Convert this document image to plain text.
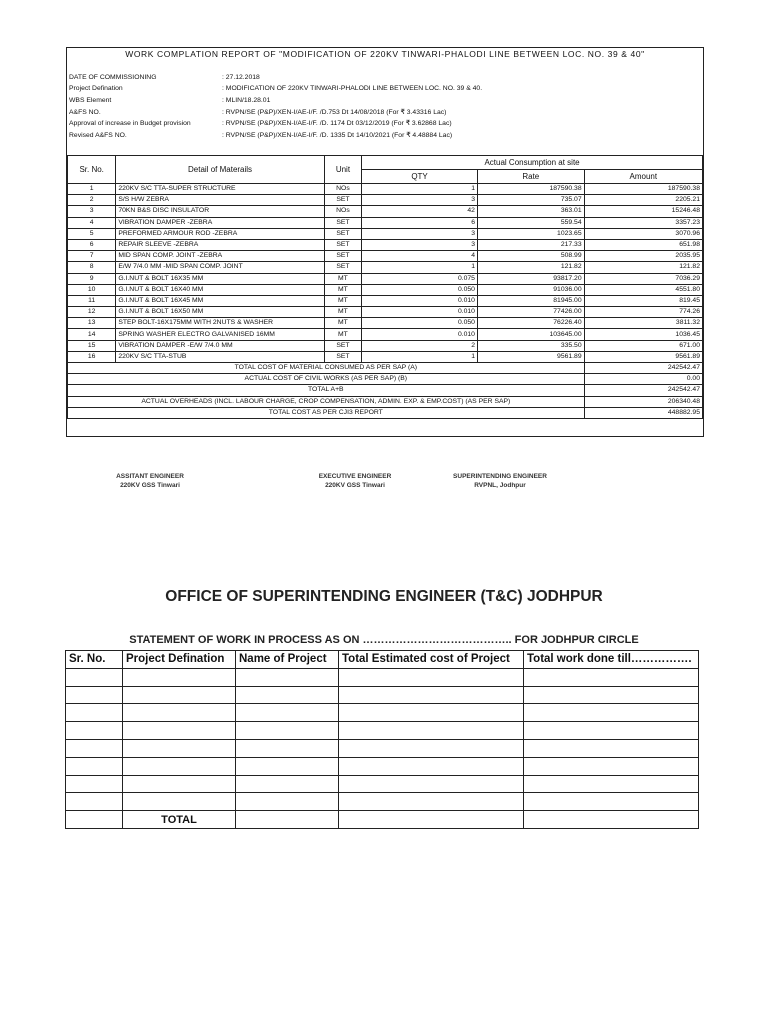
WORK COMPLATION REPORT OF "MODIFICATION OF 220KV TINWARI-PHALODI LINE BETWEEN LOC. NO. 39 & 40"
DATE OF COMMISSIONING	: 27.12.2018
Project Defination	: MODIFICATION OF 220KV TINWARI-PHALODI LINE BETWEEN LOC. NO. 39 & 40.
WBS Element	: MLIN/18.28.01
A&FS NO.	: RVPN/SE (P&P)/XEN-I/AE-I/F. /D.753 Dt 14/08/2018 (For ₹ 3.43316 Lac)
Approval of increase in Budget provision	: RVPN/SE (P&P)/XEN-I/AE-I/F. /D. 1174 Dt 03/12/2019 (For ₹ 3.62868 Lac)
Revised A&FS NO.	: RVPN/SE (P&P)/XEN-I/AE-I/F. /D. 1335 Dt 14/10/2021 (For ₹ 4.48884 Lac)
Sr. No.	Detail of Materails	Unit	Actual Consumption at site		
			QTY	Rate	Amount
1	220KV S/C TTA-SUPER STRUCTURE	NOs	1	187590.38	187590.38
2	S/S H/W ZEBRA	SET	3	735.07	2205.21
3	70KN B&S DISC INSULATOR	NOs	42	363.01	15246.48
4	VIBRATION DAMPER -ZEBRA	SET	6	559.54	3357.23
5	PREFORMED ARMOUR ROD -ZEBRA	SET	3	1023.65	3070.96
6	REPAIR SLEEVE -ZEBRA	SET	3	217.33	651.98
7	MID SPAN COMP. JOINT -ZEBRA	SET	4	508.99	2035.95
8	E/W 7/4.0 MM -MID SPAN COMP. JOINT	SET	1	121.82	121.82
9	G.I.NUT & BOLT 16X35 MM	MT	0.075	93817.20	7036.29
10	G.I.NUT & BOLT 16X40 MM	MT	0.050	91036.00	4551.80
11	G.I.NUT & BOLT 16X45 MM	MT	0.010	81945.00	819.45
12	G.I.NUT & BOLT 16X50 MM	MT	0.010	77426.00	774.26
13	STEP BOLT-16X175MM WITH 2NUTS & WASHER	MT	0.050	76226.40	3811.32
14	SPRING WASHER ELECTRO GALVANISED 16MM	MT	0.010	103645.00	1036.45
15	VIBRATION DAMPER -E/W 7/4.0 MM	SET	2	335.50	671.00
16	220KV S/C TTA-STUB	SET	1	9561.89	9561.89
TOTAL COST OF MATERIAL CONSUMED AS PER SAP (A)					242542.47
ACTUAL COST OF CIVIL WORKS (AS PER SAP) (B)					0.00
TOTAL A+B					242542.47
ACTUAL OVERHEADS (INCL. LABOUR CHARGE, CROP COMPENSATION, ADMIN. EXP. & EMP.COST) (AS PER SAP)					206340.48
TOTAL COST AS PER CJI3 REPORT					448882.95
ASSITANT ENGINEER
220KV GSS Tinwari
EXECUTIVE ENGINEER
220KV GSS Tinwari
SUPERINTENDING ENGINEER
RVPNL, Jodhpur
OFFICE OF SUPERINTENDING ENGINEER (T&C) JODHPUR
STATEMENT OF WORK IN PROCESS AS ON ………………………………….. FOR JODHPUR CIRCLE
Sr. No.	Project Defination	Name of Project	Total Estimated cost of Project	Total work done till…………….

	TOTAL			
